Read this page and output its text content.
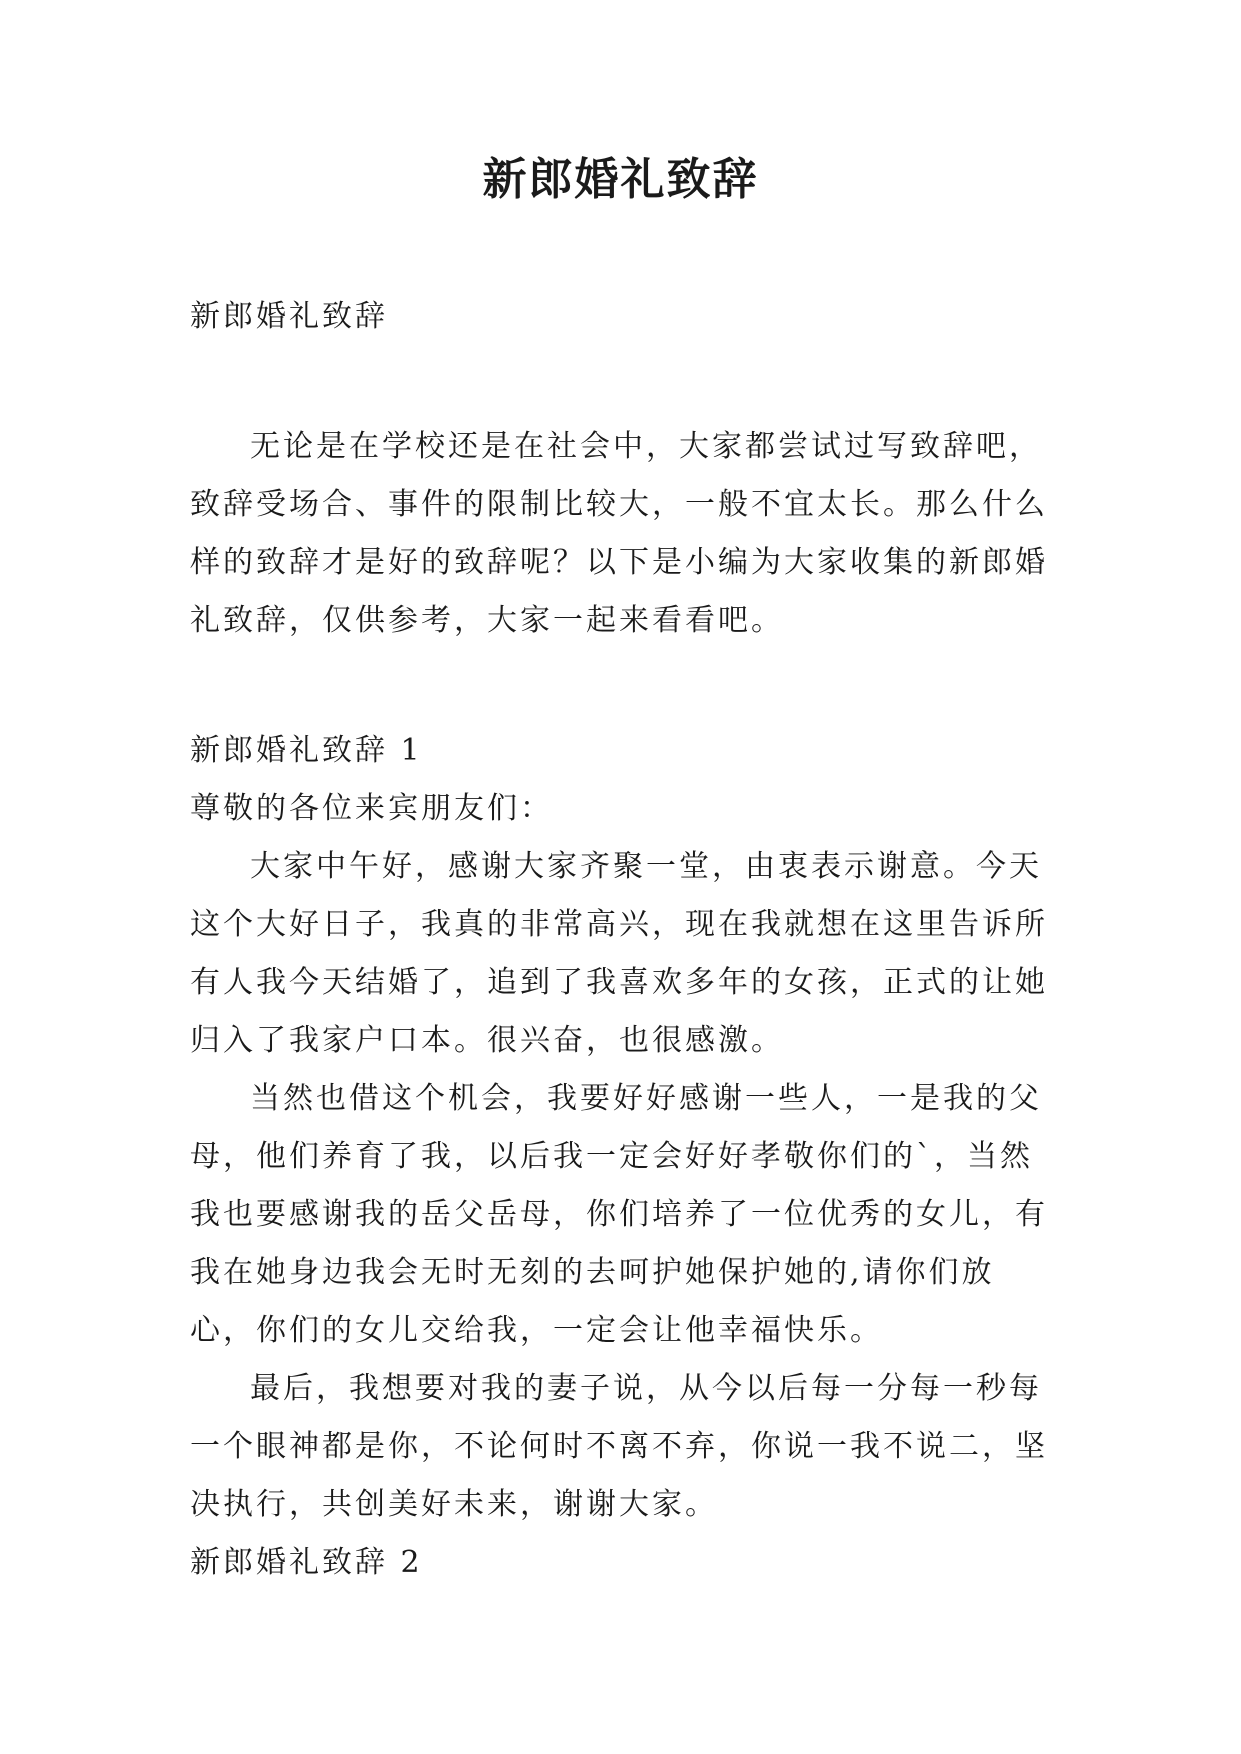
新郎婚礼致辞

新郎婚礼致辞

无论是在学校还是在社会中，大家都尝试过写致辞吧，致辞受场合、事件的限制比较大，一般不宜太长。那么什么样的致辞才是好的致辞呢？以下是小编为大家收集的新郎婚礼致辞，仅供参考，大家一起来看看吧。

新郎婚礼致辞 1

尊敬的各位来宾朋友们：

大家中午好，感谢大家齐聚一堂，由衷表示谢意。今天这个大好日子，我真的非常高兴，现在我就想在这里告诉所有人我今天结婚了，追到了我喜欢多年的女孩，正式的让她归入了我家户口本。很兴奋，也很感激。

当然也借这个机会，我要好好感谢一些人，一是我的父母，他们养育了我，以后我一定会好好孝敬你们的`，当然我也要感谢我的岳父岳母，你们培养了一位优秀的女儿，有我在她身边我会无时无刻的去呵护她保护她的,请你们放心，你们的女儿交给我，一定会让他幸福快乐。

最后，我想要对我的妻子说，从今以后每一分每一秒每一个眼神都是你，不论何时不离不弃，你说一我不说二，坚决执行，共创美好未来，谢谢大家。

新郎婚礼致辞 2
